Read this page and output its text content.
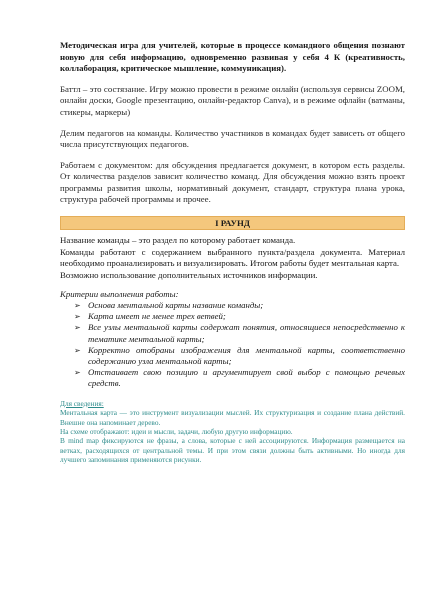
Методическая игра для учителей, которые в процессе командного общения познают новую для себя информацию, одновременно развивая у себя 4 К (креативность, коллаборация, критическое мышление, коммуникация).

Баттл – это состязание. Игру можно провести в режиме онлайн (используя сервисы ZOOM, онлайн доски, Google презентацию, онлайн-редактор Canva), и в режиме офлайн (ватманы, стикеры, маркеры)

Делим педагогов на команды. Количество участников в командах будет зависеть от общего числа присутствующих педагогов.

Работаем с документом: для обсуждения предлагается документ, в котором есть разделы. От количества разделов зависит количество команд. Для обсуждения можно взять проект программы развития школы, нормативный документ, стандарт, структура плана урока, структура рабочей программы и прочее.

I РАУНД

Название команды – это раздел по которому работает команда.

Команды работают с содержанием выбранного пункта/раздела документа. Материал необходимо проанализировать и визуализировать. Итогом работы будет ментальная карта.

Возможно использование дополнительных источников информации.

Критерии выполнения работы:

➢ Основа ментальной карты название команды;
➢ Карта имеет не менее трех ветвей;
➢ Все узлы ментальной карты содержат понятия, относящиеся непосредственно к тематике ментальной карты;
➢ Корректно отобраны изображения для ментальной карты, соответственно содержанию узла ментальной карты;
➢ Отстаивает свою позицию и аргументирует свой выбор с помощью речевых средств.

Для сведения:

Ментальная карта — это инструмент визуализации мыслей. Их структуризация и создание плана действий. Внешне она напоминает дерево.

На схеме отображают: идеи и мысли, задачи, любую другую информацию.

В mind map фиксируются не фразы, а слова, которые с ней ассоциируются. Информация размещается на ветках, расходящихся от центральной темы. И при этом связи должны быть активными. Но иногда для лучшего запоминания применяются рисунки.
